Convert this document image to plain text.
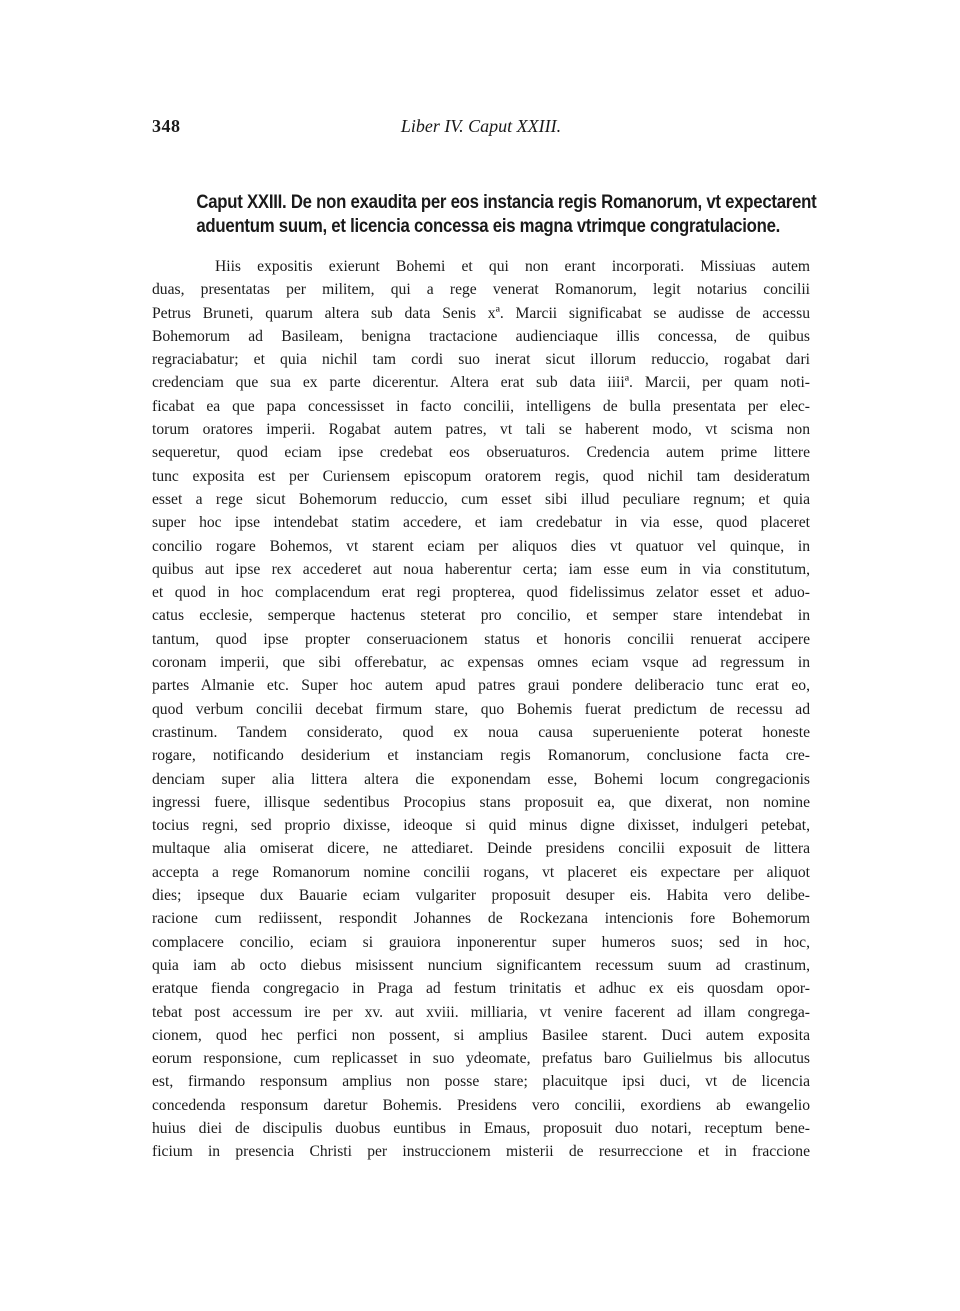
348	Liber IV. Caput XXIII.
Caput XXIII. De non exaudita per eos instancia regis Romanorum, vt expectarent
aduentum suum, et licencia concessa eis magna vtrimque congratulacione.
Hiis expositis exierunt Bohemi et qui non erant incorporati. Missiuas autem
duas, presentatas per militem, qui a rege venerat Romanorum, legit notarius concilii
Petrus Bruneti, quarum altera sub data Senis xª. Marcii significabat se audisse de accessu
Bohemorum ad Basileam, benigna tractacione audienciaque illis concessa, de quibus
regraciabatur; et quia nichil tam cordi suo inerat sicut illorum reduccio, rogabat dari
credenciam que sua ex parte dicerentur. Altera erat sub data iiiiª. Marcii, per quam noti-
ficabat ea que papa concessisset in facto concilii, intelligens de bulla presentata per elec-
torum oratores imperii. Rogabat autem patres, vt tali se haberent modo, vt scisma non
sequeretur, quod eciam ipse credebat eos obseruaturos. Credencia autem prime littere
tunc exposita est per Curiensem episcopum oratorem regis, quod nichil tam desideratum
esset a rege sicut Bohemorum reduccio, cum esset sibi illud peculiare regnum; et quia
super hoc ipse intendebat statim accedere, et iam credebatur in via esse, quod placeret
concilio rogare Bohemos, vt starent eciam per aliquos dies vt quatuor vel quinque, in
quibus aut ipse rex accederet aut noua haberentur certa; iam esse eum in via constitutum,
et quod in hoc complacendum erat regi propterea, quod fidelissimus zelator esset et aduo-
catus ecclesie, semperque hactenus steterat pro concilio, et semper stare intendebat in
tantum, quod ipse propter conseruacionem status et honoris concilii renuerat accipere
coronam imperii, que sibi offerebatur, ac expensas omnes eciam vsque ad regressum in
partes Almanie etc. Super hoc autem apud patres graui pondere deliberacio tunc erat eo,
quod verbum concilii decebat firmum stare, quo Bohemis fuerat predictum de recessu ad
crastinum. Tandem considerato, quod ex noua causa superueniente poterat honeste
rogare, notificando desiderium et instanciam regis Romanorum, conclusione facta cre-
denciam super alia littera altera die exponendam esse, Bohemi locum congregacionis
ingressi fuere, illisque sedentibus Procopius stans proposuit ea, que dixerat, non nomine
tocius regni, sed proprio dixisse, ideoque si quid minus digne dixisset, indulgeri petebat,
multaque alia omiserat dicere, ne attediaret. Deinde presidens concilii exposuit de littera
accepta a rege Romanorum nomine concilii rogans, vt placeret eis expectare per aliquot
dies; ipseque dux Bauarie eciam vulgariter proposuit desuper eis. Habita vero delibe-
racione cum rediissent, respondit Johannes de Rockezana intencionis fore Bohemorum
complacere concilio, eciam si grauiora inponerentur super humeros suos; sed in hoc,
quia iam ab octo diebus misissent nuncium significantem recessum suum ad crastinum,
eratque fienda congregacio in Praga ad festum trinitatis et adhuc ex eis quosdam opor-
tebat post accessum ire per xv. aut xviii. milliaria, vt venire facerent ad illam congrega-
cionem, quod hec perfici non possent, si amplius Basilee starent. Duci autem exposita
eorum responsione, cum replicasset in suo ydeomate, prefatus baro Guilielmus bis allocutus
est, firmando responsum amplius non posse stare; placuitque ipsi duci, vt de licencia
concedenda responsum daretur Bohemis. Presidens vero concilii, exordiens ab ewangelio
huius diei de discipulis duobus euntibus in Emaus, proposuit duo notari, receptum bene-
ficium in presencia Christi per instruccionem misterii de resurreccione et in fraccione
